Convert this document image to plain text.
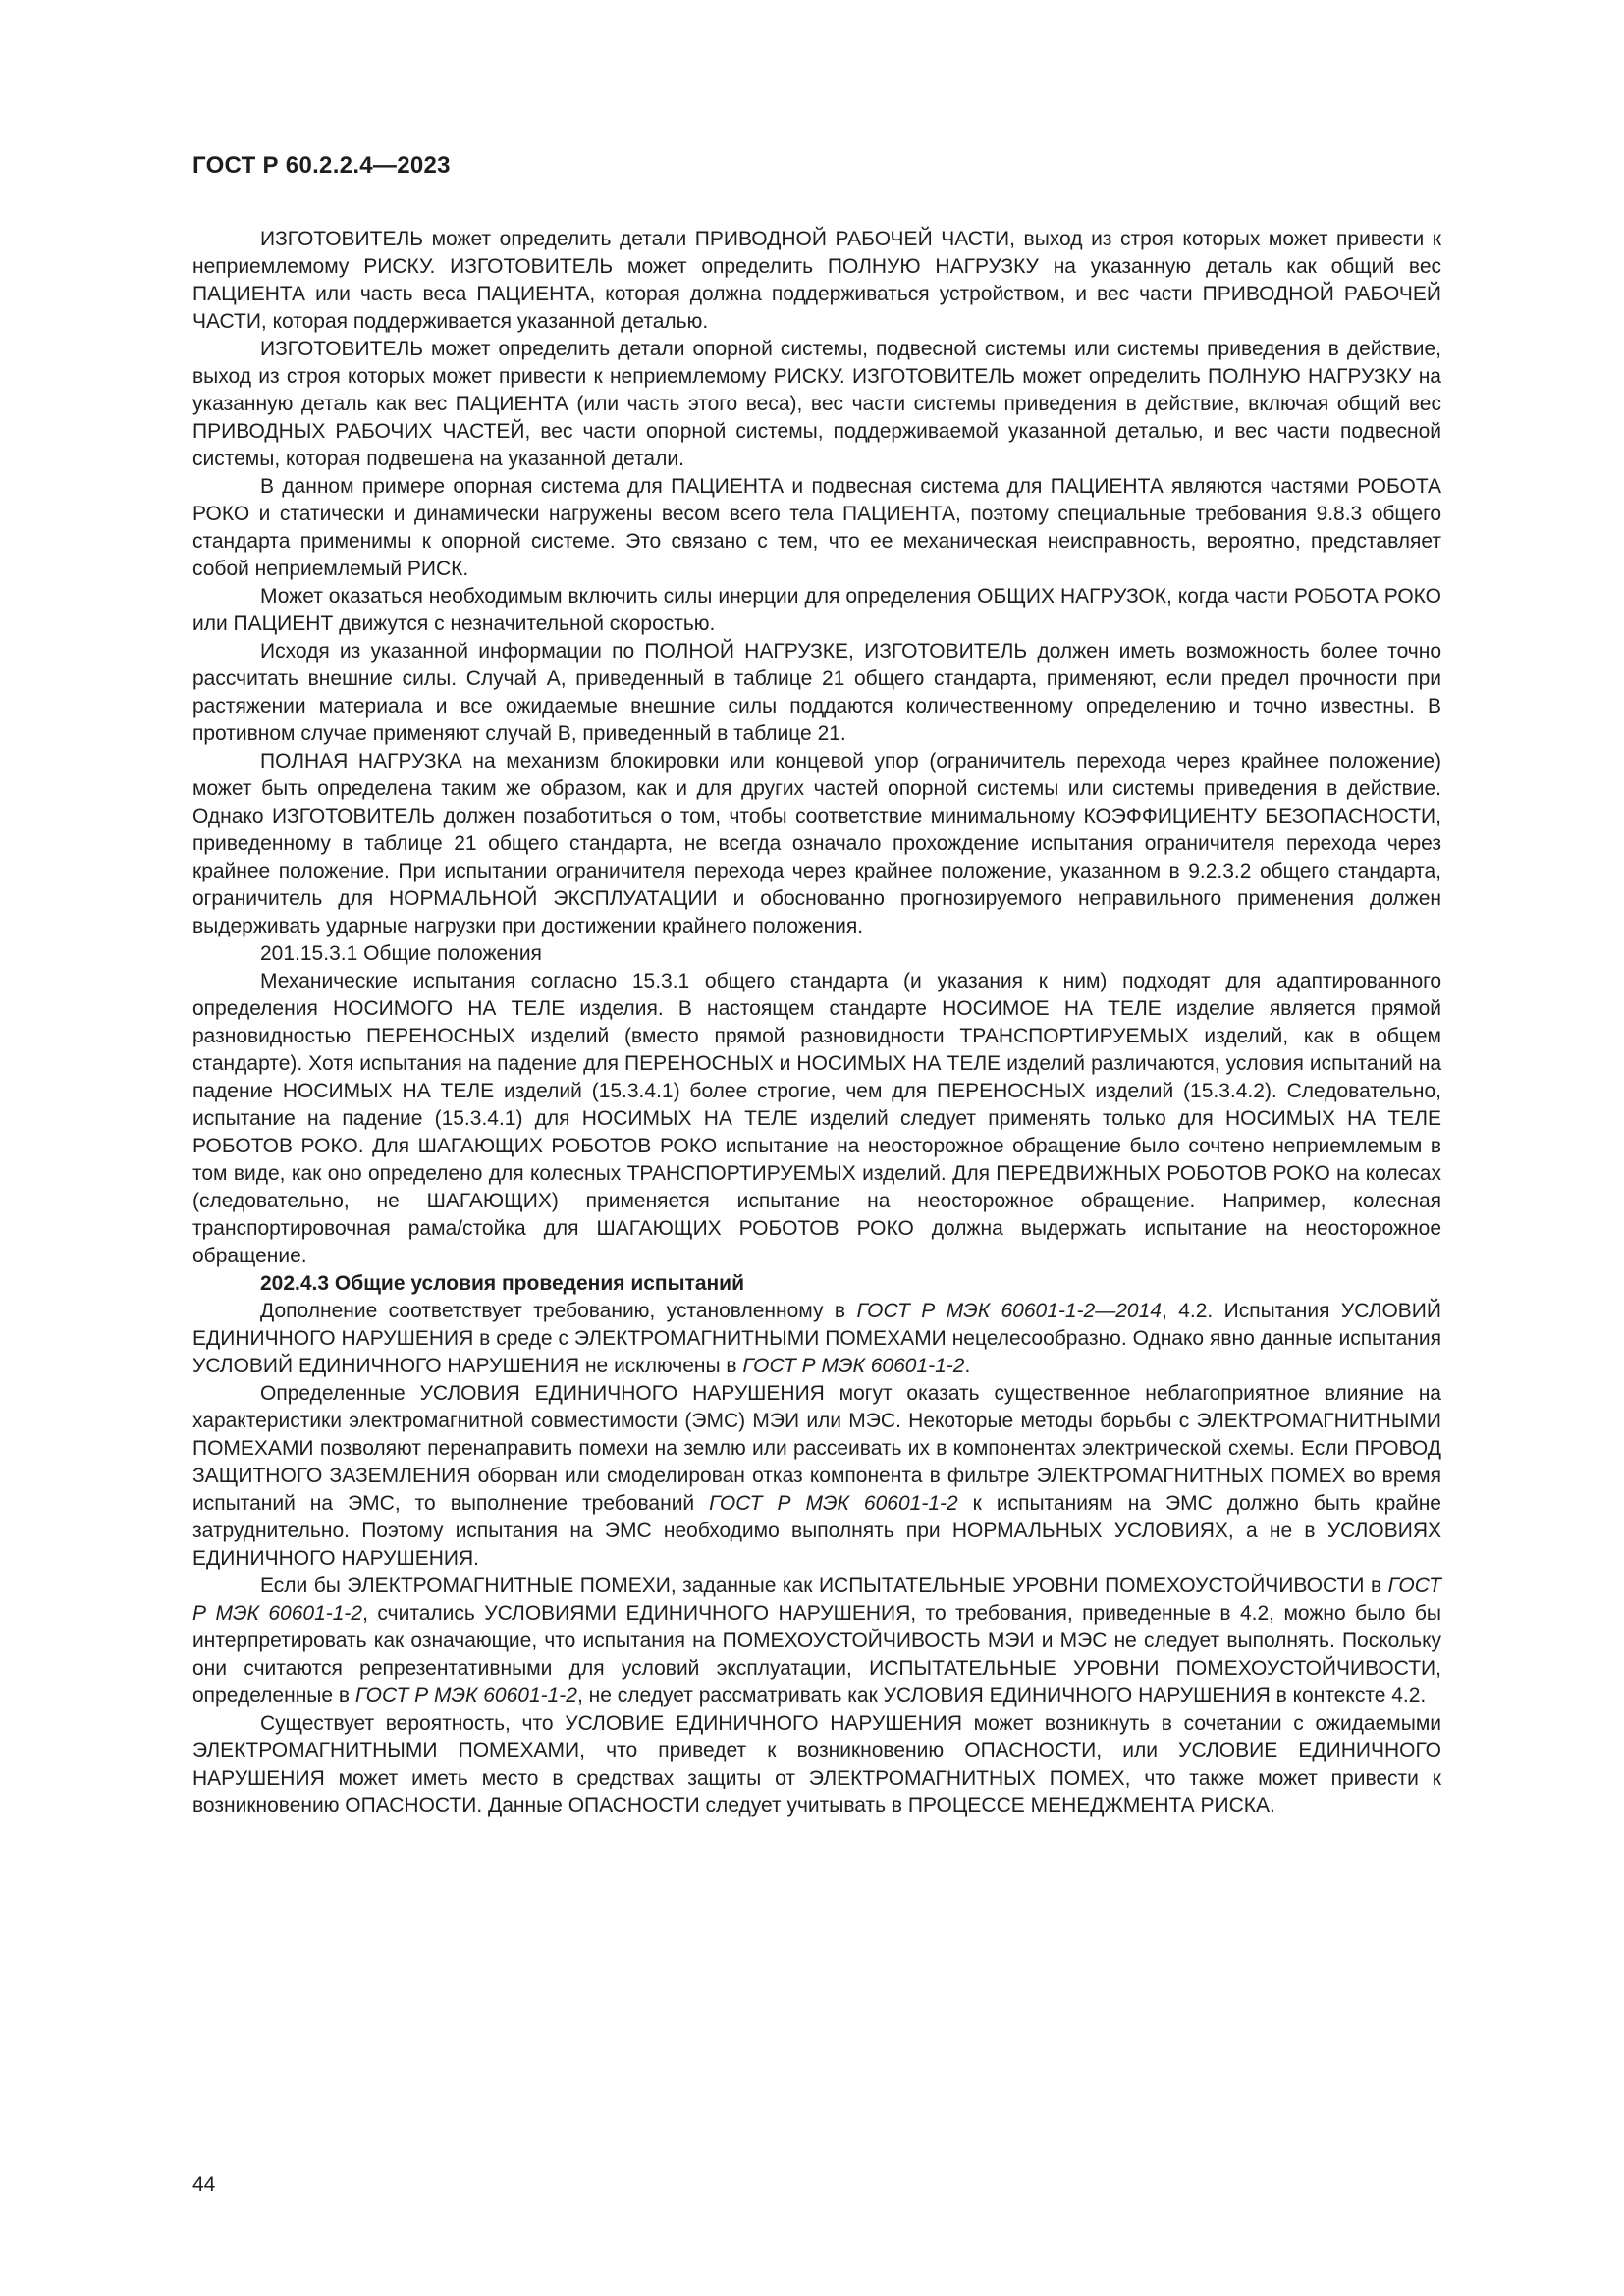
ГОСТ Р 60.2.2.4—2023

ИЗГОТОВИТЕЛЬ может определить детали ПРИВОДНОЙ РАБОЧЕЙ ЧАСТИ, выход из строя которых может привести к неприемлемому РИСКУ. ИЗГОТОВИТЕЛЬ может определить ПОЛНУЮ НАГРУЗКУ на указанную деталь как общий вес ПАЦИЕНТА или часть веса ПАЦИЕНТА, которая должна поддерживаться устройством, и вес части ПРИВОДНОЙ РАБОЧЕЙ ЧАСТИ, которая поддерживается указанной деталью.

ИЗГОТОВИТЕЛЬ может определить детали опорной системы, подвесной системы или системы приведения в действие, выход из строя которых может привести к неприемлемому РИСКУ. ИЗГОТОВИТЕЛЬ может определить ПОЛНУЮ НАГРУЗКУ на указанную деталь как вес ПАЦИЕНТА (или часть этого веса), вес части системы приведения в действие, включая общий вес ПРИВОДНЫХ РАБОЧИХ ЧАСТЕЙ, вес части опорной системы, поддерживаемой указанной деталью, и вес части подвесной системы, которая подвешена на указанной детали.

В данном примере опорная система для ПАЦИЕНТА и подвесная система для ПАЦИЕНТА являются частями РОБОТА РОКО и статически и динамически нагружены весом всего тела ПАЦИЕНТА, поэтому специальные требования 9.8.3 общего стандарта применимы к опорной системе. Это связано с тем, что ее механическая неисправность, вероятно, представляет собой неприемлемый РИСК.

Может оказаться необходимым включить силы инерции для определения ОБЩИХ НАГРУЗОК, когда части РОБОТА РОКО или ПАЦИЕНТ движутся с незначительной скоростью.

Исходя из указанной информации по ПОЛНОЙ НАГРУЗКЕ, ИЗГОТОВИТЕЛЬ должен иметь возможность более точно рассчитать внешние силы. Случай А, приведенный в таблице 21 общего стандарта, применяют, если предел прочности при растяжении материала и все ожидаемые внешние силы поддаются количественному определению и точно известны. В противном случае применяют случай В, приведенный в таблице 21.

ПОЛНАЯ НАГРУЗКА на механизм блокировки или концевой упор (ограничитель перехода через крайнее положение) может быть определена таким же образом, как и для других частей опорной системы или системы приведения в действие. Однако ИЗГОТОВИТЕЛЬ должен позаботиться о том, чтобы соответствие минимальному КОЭФФИЦИЕНТУ БЕЗОПАСНОСТИ, приведенному в таблице 21 общего стандарта, не всегда означало прохождение испытания ограничителя перехода через крайнее положение. При испытании ограничителя перехода через крайнее положение, указанном в 9.2.3.2 общего стандарта, ограничитель для НОРМАЛЬНОЙ ЭКСПЛУАТАЦИИ и обоснованно прогнозируемого неправильного применения должен выдерживать ударные нагрузки при достижении крайнего положения.

201.15.3.1 Общие положения

Механические испытания согласно 15.3.1 общего стандарта (и указания к ним) подходят для адаптированного определения НОСИМОГО НА ТЕЛЕ изделия. В настоящем стандарте НОСИМОЕ НА ТЕЛЕ изделие является прямой разновидностью ПЕРЕНОСНЫХ изделий (вместо прямой разновидности ТРАНСПОРТИРУЕМЫХ изделий, как в общем стандарте). Хотя испытания на падение для ПЕРЕНОСНЫХ и НОСИМЫХ НА ТЕЛЕ изделий различаются, условия испытаний на падение НОСИМЫХ НА ТЕЛЕ изделий (15.3.4.1) более строгие, чем для ПЕРЕНОСНЫХ изделий (15.3.4.2). Следовательно, испытание на падение (15.3.4.1) для НОСИМЫХ НА ТЕЛЕ изделий следует применять только для НОСИМЫХ НА ТЕЛЕ РОБОТОВ РОКО. Для ШАГАЮЩИХ РОБОТОВ РОКО испытание на неосторожное обращение было сочтено неприемлемым в том виде, как оно определено для колесных ТРАНСПОРТИРУЕМЫХ изделий. Для ПЕРЕДВИЖНЫХ РОБОТОВ РОКО на колесах (следовательно, не ШАГАЮЩИХ) применяется испытание на неосторожное обращение. Например, колесная транспортировочная рама/стойка для ШАГАЮЩИХ РОБОТОВ РОКО должна выдержать испытание на неосторожное обращение.

202.4.3 Общие условия проведения испытаний

Дополнение соответствует требованию, установленному в ГОСТ Р МЭК 60601-1-2—2014, 4.2. Испытания УСЛОВИЙ ЕДИНИЧНОГО НАРУШЕНИЯ в среде с ЭЛЕКТРОМАГНИТНЫМИ ПОМЕХАМИ нецелесообразно. Однако явно данные испытания УСЛОВИЙ ЕДИНИЧНОГО НАРУШЕНИЯ не исключены в ГОСТ Р МЭК 60601-1-2.

Определенные УСЛОВИЯ ЕДИНИЧНОГО НАРУШЕНИЯ могут оказать существенное неблагоприятное влияние на характеристики электромагнитной совместимости (ЭМС) МЭИ или МЭС. Некоторые методы борьбы с ЭЛЕКТРОМАГНИТНЫМИ ПОМЕХАМИ позволяют перенаправить помехи на землю или рассеивать их в компонентах электрической схемы. Если ПРОВОД ЗАЩИТНОГО ЗАЗЕМЛЕНИЯ оборван или смоделирован отказ компонента в фильтре ЭЛЕКТРОМАГНИТНЫХ ПОМЕХ во время испытаний на ЭМС, то выполнение требований ГОСТ Р МЭК 60601-1-2 к испытаниям на ЭМС должно быть крайне затруднительно. Поэтому испытания на ЭМС необходимо выполнять при НОРМАЛЬНЫХ УСЛОВИЯХ, а не в УСЛОВИЯХ ЕДИНИЧНОГО НАРУШЕНИЯ.

Если бы ЭЛЕКТРОМАГНИТНЫЕ ПОМЕХИ, заданные как ИСПЫТАТЕЛЬНЫЕ УРОВНИ ПОМЕХОУСТОЙЧИВОСТИ в ГОСТ Р МЭК 60601-1-2, считались УСЛОВИЯМИ ЕДИНИЧНОГО НАРУШЕНИЯ, то требования, приведенные в 4.2, можно было бы интерпретировать как означающие, что испытания на ПОМЕХОУСТОЙЧИВОСТЬ МЭИ и МЭС не следует выполнять. Поскольку они считаются репрезентативными для условий эксплуатации, ИСПЫТАТЕЛЬНЫЕ УРОВНИ ПОМЕХОУСТОЙЧИВОСТИ, определенные в ГОСТ Р МЭК 60601-1-2, не следует рассматривать как УСЛОВИЯ ЕДИНИЧНОГО НАРУШЕНИЯ в контексте 4.2.

Существует вероятность, что УСЛОВИЕ ЕДИНИЧНОГО НАРУШЕНИЯ может возникнуть в сочетании с ожидаемыми ЭЛЕКТРОМАГНИТНЫМИ ПОМЕХАМИ, что приведет к возникновению ОПАСНОСТИ, или УСЛОВИЕ ЕДИНИЧНОГО НАРУШЕНИЯ может иметь место в средствах защиты от ЭЛЕКТРОМАГНИТНЫХ ПОМЕХ, что также может привести к возникновению ОПАСНОСТИ. Данные ОПАСНОСТИ следует учитывать в ПРОЦЕССЕ МЕНЕДЖМЕНТА РИСКА.

44
